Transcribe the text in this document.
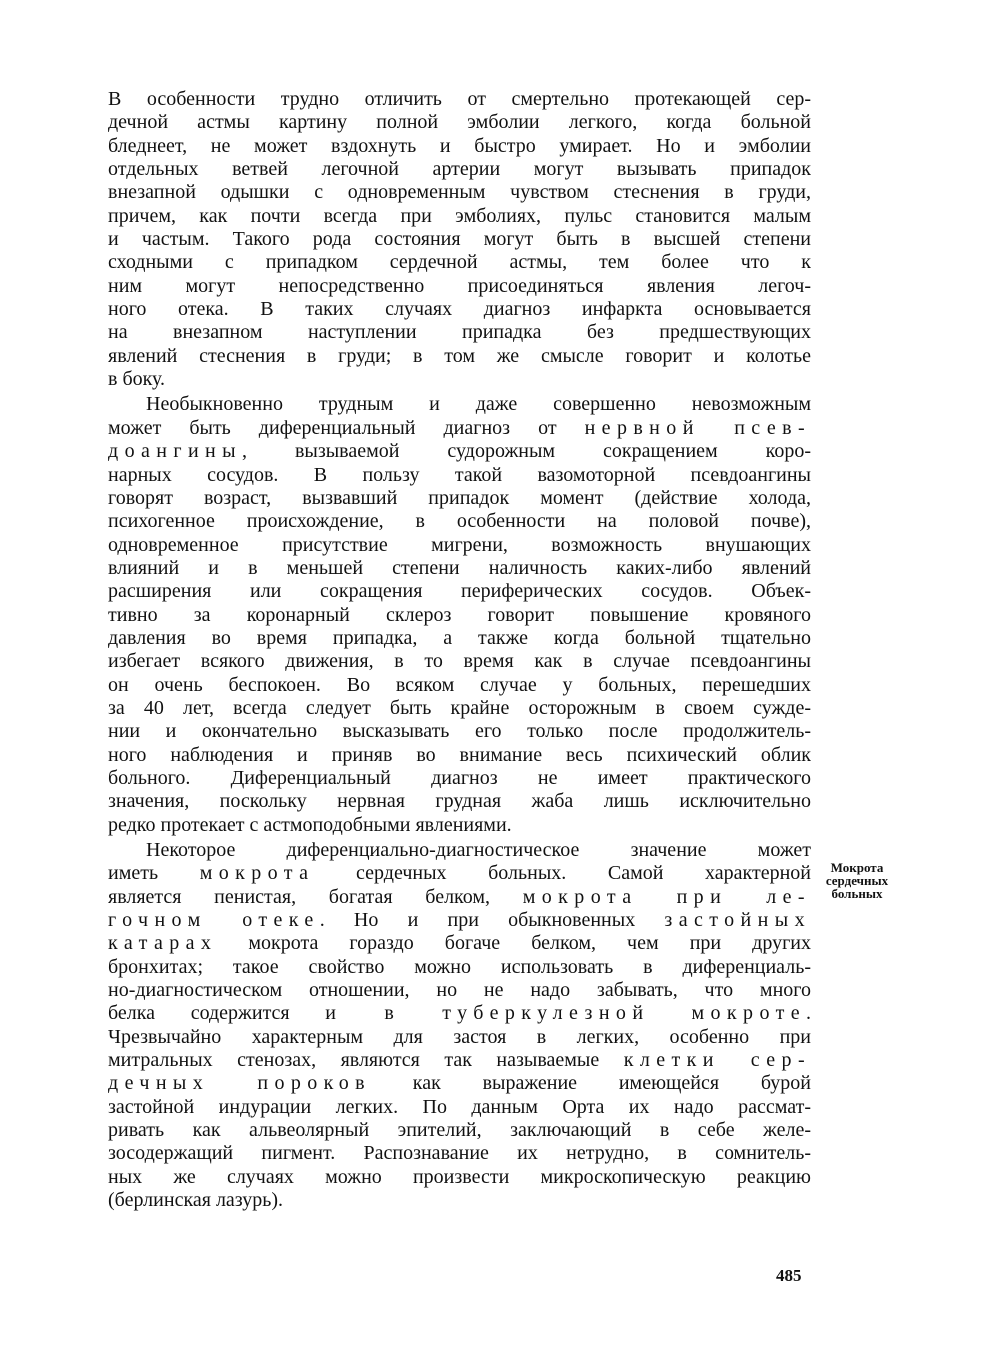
В особенности трудно отличить от смертельно протекающей сер-
дечной астмы картину полной эмболии легкого, когда больной
бледнеет, не может вздохнуть и быстро умирает. Но и эмболии
отдельных ветвей легочной артерии могут вызывать припадок
внезапной одышки с одновременным чувством стеснения в груди,
причем, как почти всегда при эмболиях, пульс становится малым
и частым. Такого рода состояния могут быть в высшей степени
сходными с припадком сердечной астмы, тем более что к
ним могут непосредственно присоединяться явления легоч-
ного отека. В таких случаях диагноз инфаркта основывается
на внезапном наступлении припадка без предшествующих
явлений стеснения в груди; в том же смысле говорит и колотье
в боку.
Необыкновенно трудным и даже совершенно невозможным
может быть диференциальный диагноз от нервной псев-
доангины, вызываемой судорожным сокращением коро-
нарных сосудов. В пользу такой вазомоторной псевдоангины
говорят возраст, вызвавший припадок момент (действие холода,
психогенное происхождение, в особенности на половой почве),
одновременное присутствие мигрени, возможность внушающих
влияний и в меньшей степени наличность каких-либо явлений
расширения или сокращения периферических сосудов. Объек-
тивно за коронарный склероз говорит повышение кровяного
давления во время припадка, а также когда больной тщательно
избегает всякого движения, в то время как в случае псевдоангины
он очень беспокоен. Во всяком случае у больных, перешедших
за 40 лет, всегда следует быть крайне осторожным в своем сужде-
нии и окончательно высказывать его только после продолжитель-
ного наблюдения и приняв во внимание весь психический облик
больного. Диференциальный диагноз не имеет практического
значения, поскольку нервная грудная жаба лишь исключительно
редко протекает с астмоподобными явлениями.
Некоторое диференциально-диагностическое значение может
иметь мокрота сердечных больных. Самой характерной
является пенистая, богатая белком, мокрота при ле-
гочном отеке. Но и при обыкновенных застойных
катарах мокрота гораздо богаче белком, чем при других
бронхитах; такое свойство можно использовать в диференциаль-
но-диагностическом отношении, но не надо забывать, что много
белка содержится и в туберкулезной мокроте.
Чрезвычайно характерным для застоя в легких, особенно при
митральных стенозах, являются так называемые клетки сер-
дечных пороков как выражение имеющейся бурой
застойной индурации легких. По данным Орта их надо рассмат-
ривать как альвеолярный эпителий, заключающий в себе желе-
зосодержащий пигмент. Распознавание их нетрудно, в сомнитель-
ных же случаях можно произвести микроскопическую реакцию
(берлинская лазурь).
Мокрота
сердечных
больных
485
